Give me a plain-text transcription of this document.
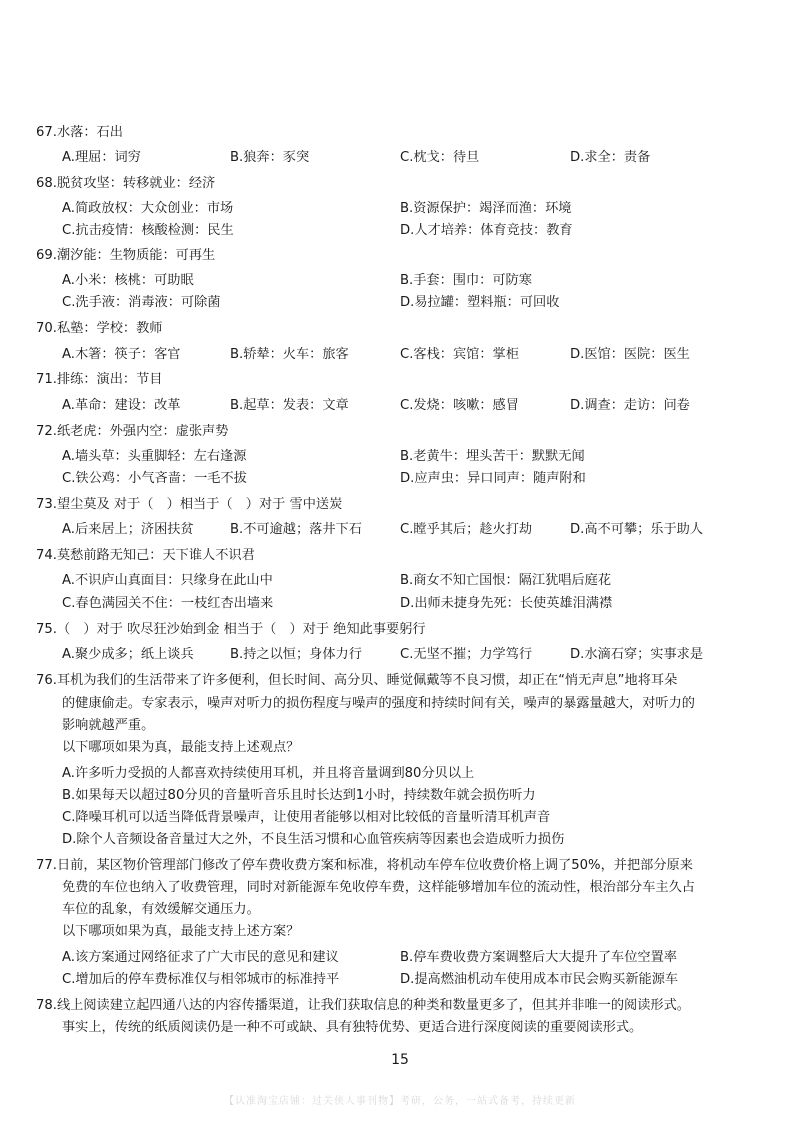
67.水落：石出
A.理屈：词穷	B.狼奔：豕突	C.枕戈：待旦	D.求全：责备
68.脱贫攻坚：转移就业：经济
A.简政放权：大众创业：市场	B.资源保护：竭泽而渔：环境
C.抗击疫情：核酸检测：民生	D.人才培养：体育竞技：教育
69.潮汐能：生物质能：可再生
A.小米：核桃：可助眠	B.手套：围巾：可防寒
C.洗手液：消毒液：可除菌	D.易拉罐：塑料瓶：可回收
70.私塾：学校：教师
A.木箸：筷子：客官	B.轿辇：火车：旅客	C.客栈：宾馆：掌柜	D.医馆：医院：医生
71.排练：演出：节目
A.革命：建设：改革	B.起草：发表：文章	C.发烧：咳嗽：感冒	D.调查：走访：问卷
72.纸老虎：外强内空：虚张声势
A.墙头草：头重脚轻：左右逢源	B.老黄牛：埋头苦干：默默无闻
C.铁公鸡：小气吝啬：一毛不拔	D.应声虫：异口同声：随声附和
73.望尘莫及 对于（　）相当于（　）对于 雪中送炭
A.后来居上；济困扶贫	B.不可逾越；落井下石	C.瞠乎其后；趁火打劫	D.高不可攀；乐于助人
74.莫愁前路无知己：天下谁人不识君
A.不识庐山真面目：只缘身在此山中	B.商女不知亡国恨：隔江犹唱后庭花
C.春色满园关不住：一枝红杏出墙来	D.出师未捷身先死：长使英雄泪满襟
75.（　）对于 吹尽狂沙始到金 相当于（　）对于 绝知此事要躬行
A.聚少成多；纸上谈兵	B.持之以恒；身体力行	C.无坚不摧；力学笃行	D.水滴石穿；实事求是
76.耳机为我们的生活带来了许多便利，但长时间、高分贝、睡觉佩戴等不良习惯，却正在“悄无声息”地将耳朵
的健康偷走。专家表示，噪声对听力的损伤程度与噪声的强度和持续时间有关，噪声的暴露量越大，对听力的
影响就越严重。
以下哪项如果为真，最能支持上述观点？
A.许多听力受损的人都喜欢持续使用耳机，并且将音量调到80分贝以上
B.如果每天以超过80分贝的音量听音乐且时长达到1小时，持续数年就会损伤听力
C.降噪耳机可以适当降低背景噪声，让使用者能够以相对比较低的音量听清耳机声音
D.除个人音频设备音量过大之外，不良生活习惯和心血管疾病等因素也会造成听力损伤
77.日前，某区物价管理部门修改了停车费收费方案和标准，将机动车停车位收费价格上调了50%，并把部分原来
免费的车位也纳入了收费管理，同时对新能源车免收停车费，这样能够增加车位的流动性，根治部分车主久占
车位的乱象，有效缓解交通压力。
以下哪项如果为真，最能支持上述方案？
A.该方案通过网络征求了广大市民的意见和建议	B.停车费收费方案调整后大大提升了车位空置率
C.增加后的停车费标准仅与相邻城市的标准持平	D.提高燃油机动车使用成本市民会购买新能源车
78.线上阅读建立起四通八达的内容传播渠道，让我们获取信息的种类和数量更多了，但其并非唯一的阅读形式。
事实上，传统的纸质阅读仍是一种不可或缺、具有独特优势、更适合进行深度阅读的重要阅读形式。
15
【认准淘宝店铺：过关侠人事刊物】考研，公务，一站式备考，持续更新
